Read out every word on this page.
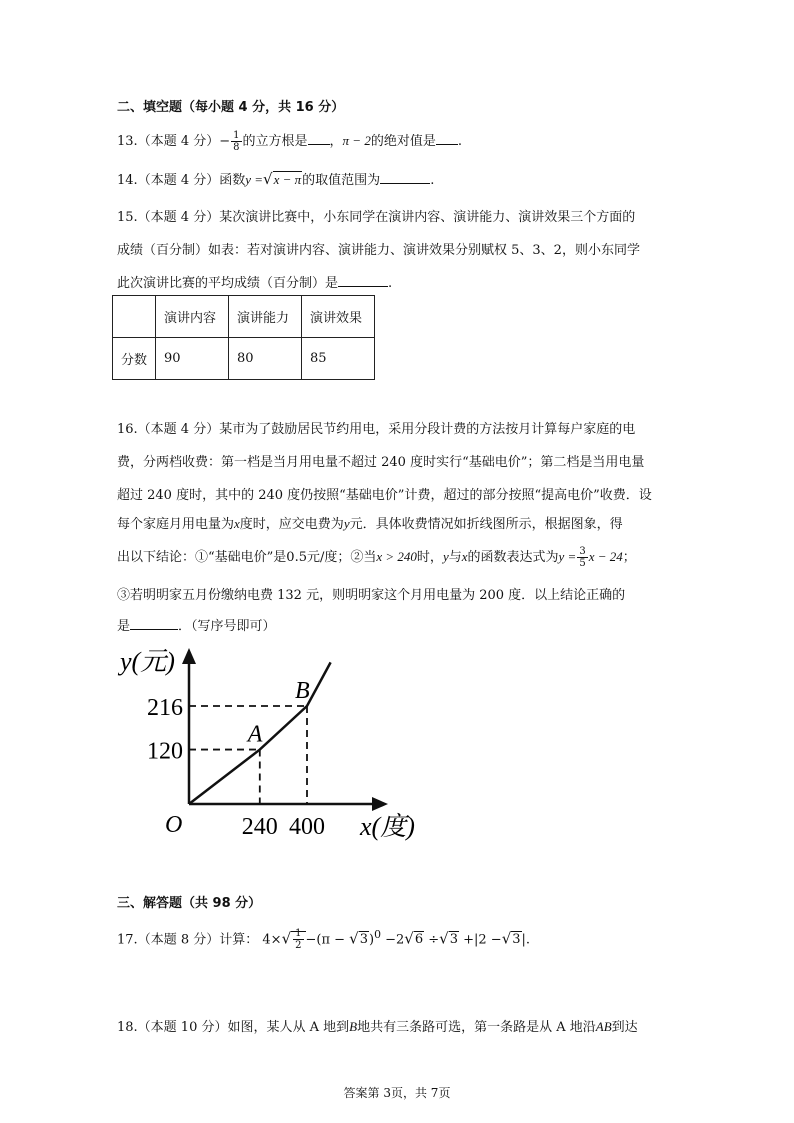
二、填空题（每小题 4 分，共 16 分）
13.（本题 4 分）− $\frac{1}{8}$ 的立方根是 ，π − 2的绝对值是 .
14.（本题 4 分）函数y =√x − π的取值范围为	.
15.（本题 4 分）某次演讲比赛中，小东同学在演讲内容、演讲能力、演讲效果三个方面的
成绩（百分制）如表：若对演讲内容、演讲能力、演讲效果分别赋权 5、3、2，则小东同学
此次演讲比赛的平均成绩（百分制）是	.
	演讲内容	演讲能力	演讲效果
分数	90	80	85
16.（本题 4 分）某市为了鼓励居民节约用电，采用分段计费的方法按月计算每户家庭的电
费，分两档收费：第一档是当月用电量不超过 240 度时实行“基础电价”；第二档是当用电量
超过 240 度时，其中的 240 度仍按照“基础电价”计费，超过的部分按照“提高电价”收费．设
每个家庭月用电量为x度时，应交电费为y元．具体收费情况如折线图所示，根据图象，得
出以下结论：①“基础电价”是0.5元/度；②当x > 240时，y与x的函数表达式为$y = \frac{3}{5}$ x − 24；
③若明明家五月份缴纳电费 132 元，则明明家这个月用电量为 200 度．以上结论正确的
是	．（写序号即可）
y(元)
x(度)
O
A
240
120
B
400
216
三、解答题（共 98 分）
17.（本题 8 分）计算： $4\times√ \frac{1}{2} -(\pi - √3)^0 -2√6 \div√3 +|2 -√3|$.
18.（本题 10 分）如图，某人从 A 地到B地共有三条路可选，第一条路是从 A 地沿AB到达
答案第 3页，共 7页
